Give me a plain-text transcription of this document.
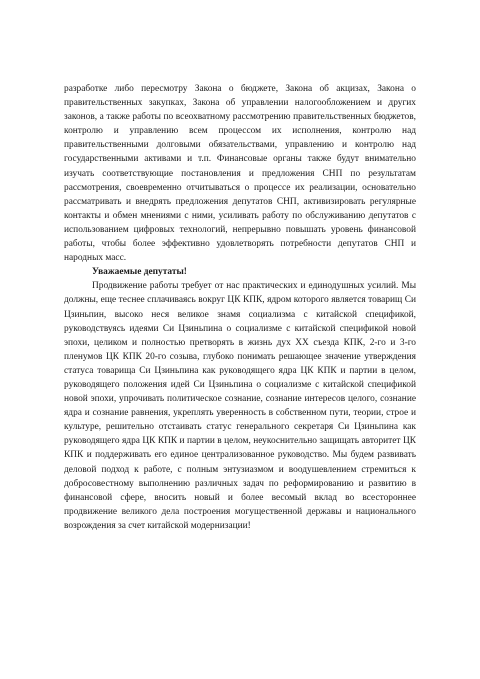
разработке либо пересмотру Закона о бюджете, Закона об акцизах, Закона о правительственных закупках, Закона об управлении налогообложением и других законов, а также работы по всеохватному рассмотрению правительственных бюджетов, контролю и управлению всем процессом их исполнения, контролю над правительственными долговыми обязательствами, управлению и контролю над государственными активами и т.п. Финансовые органы также будут внимательно изучать соответствующие постановления и предложения СНП по результатам рассмотрения, своевременно отчитываться о процессе их реализации, основательно рассматривать и внедрять предложения депутатов СНП, активизировать регулярные контакты и обмен мнениями с ними, усиливать работу по обслуживанию депутатов с использованием цифровых технологий, непрерывно повышать уровень финансовой работы, чтобы более эффективно удовлетворять потребности депутатов СНП и народных масс.

Уважаемые депутаты!

Продвижение работы требует от нас практических и единодушных усилий. Мы должны, еще теснее сплачиваясь вокруг ЦК КПК, ядром которого является товарищ Си Цзиньпин, высоко неся великое знамя социализма с китайской спецификой, руководствуясь идеями Си Цзиньпина о социализме с китайской спецификой новой эпохи, целиком и полностью претворять в жизнь дух ХХ съезда КПК, 2-го и 3-го пленумов ЦК КПК 20-го созыва, глубоко понимать решающее значение утверждения статуса товарища Си Цзиньпина как руководящего ядра ЦК КПК и партии в целом, руководящего положения идей Си Цзиньпина о социализме с китайской спецификой новой эпохи, упрочивать политическое сознание, сознание интересов целого, сознание ядра и сознание равнения, укреплять уверенность в собственном пути, теории, строе и культуре, решительно отстаивать статус генерального секретаря Си Цзиньпина как руководящего ядра ЦК КПК и партии в целом, неукоснительно защищать авторитет ЦК КПК и поддерживать его единое централизованное руководство. Мы будем развивать деловой подход к работе, с полным энтузиазмом и воодушевлением стремиться к добросовестному выполнению различных задач по реформированию и развитию в финансовой сфере, вносить новый и более весомый вклад во всестороннее продвижение великого дела построения могущественной державы и национального возрождения за счет китайской модернизации!
